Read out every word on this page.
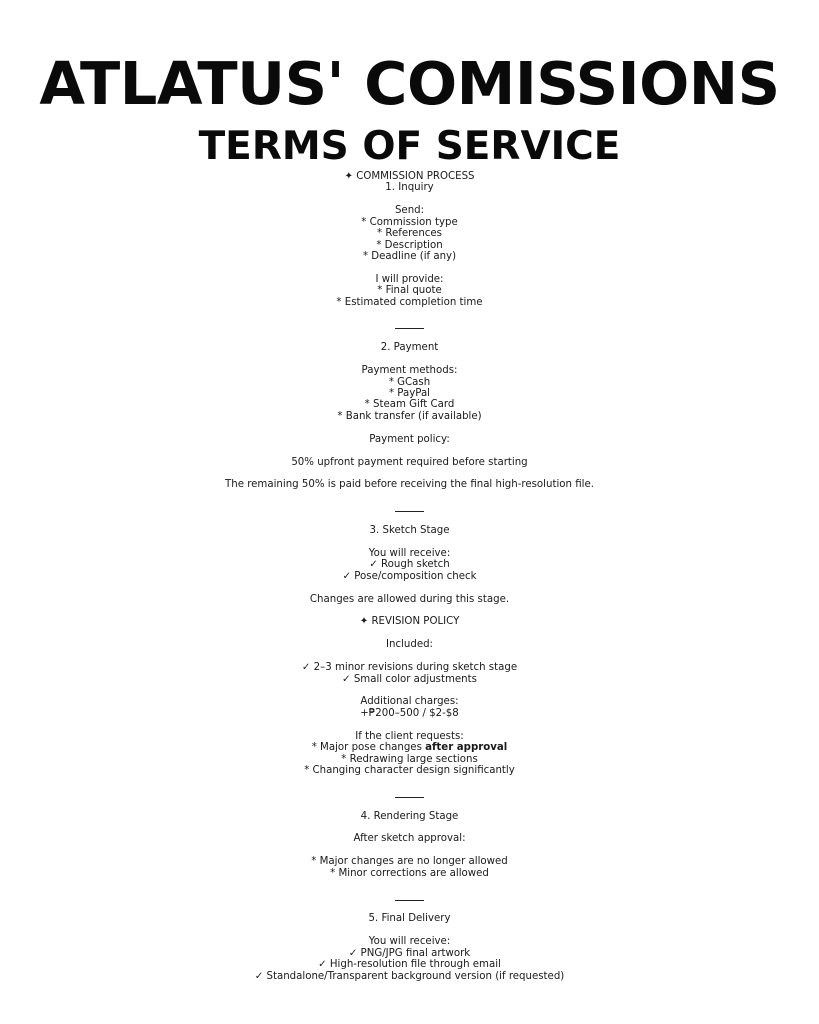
ATLATUS' COMISSIONS
TERMS OF SERVICE
✦ COMMISSION PROCESS
1. Inquiry
Send:
* Commission type
* References
* Description
* Deadline (if any)
I will provide:
* Final quote
* Estimated completion time
2. Payment
Payment methods:
* GCash
* PayPal
* Steam Gift Card
* Bank transfer (if available)
Payment policy:
50% upfront payment required before starting
The remaining 50% is paid before receiving the final high-resolution file.
3. Sketch Stage
You will receive:
✓ Rough sketch
✓ Pose/composition check
Changes are allowed during this stage.
✦ REVISION POLICY
Included:
✓ 2–3 minor revisions during sketch stage
✓ Small color adjustments
Additional charges:
+₱200–500 / $2-$8
If the client requests:
* Major pose changes after approval
* Redrawing large sections
* Changing character design significantly
4. Rendering Stage
After sketch approval:
* Major changes are no longer allowed
* Minor corrections are allowed
5. Final Delivery
You will receive:
✓ PNG/JPG final artwork
✓ High-resolution file through email
✓ Standalone/Transparent background version (if requested)
